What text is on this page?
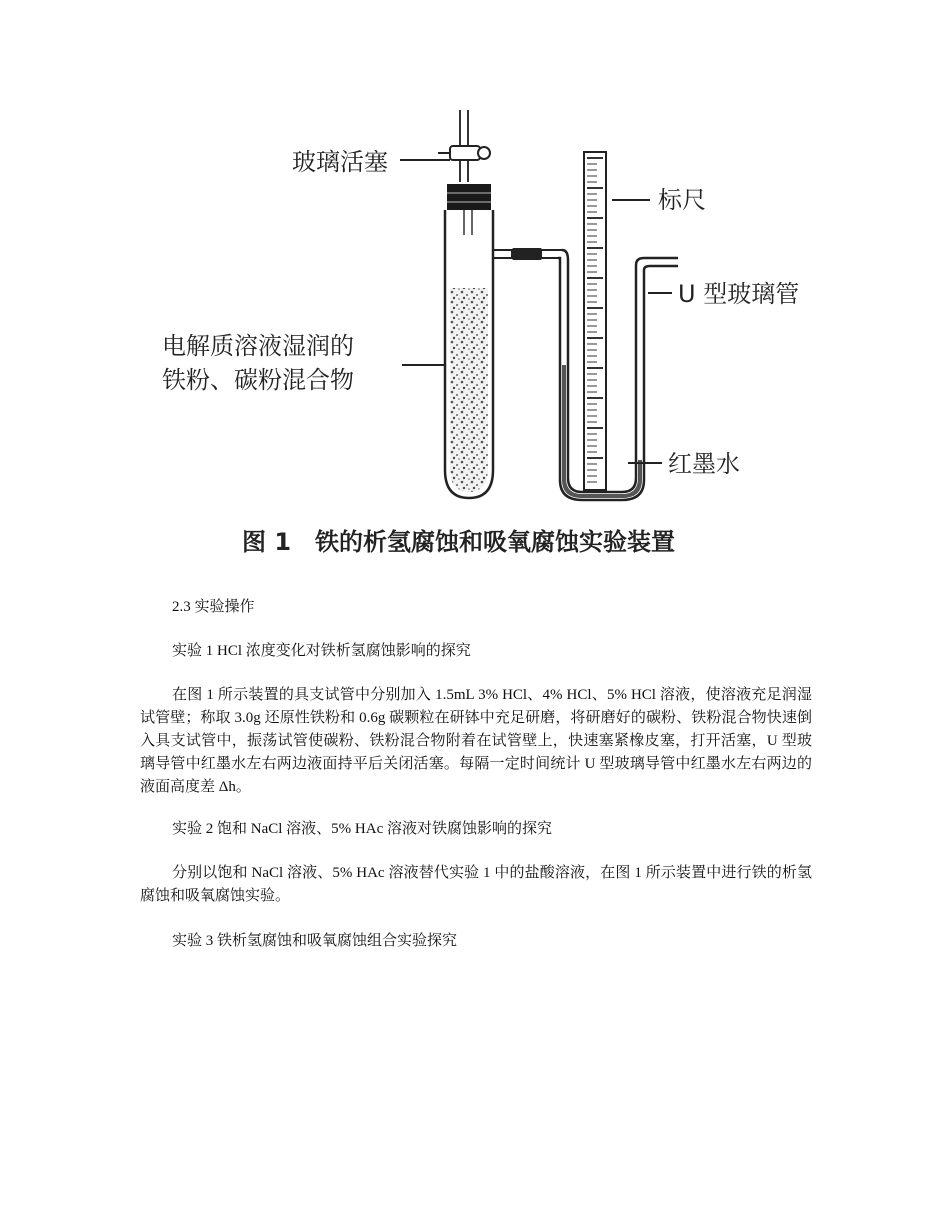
玻璃活塞
标尺
U 型玻璃管
电解质溶液湿润的
铁粉、碳粉混合物
红墨水
图 1　铁的析氢腐蚀和吸氧腐蚀实验装置

2.3 实验操作

实验 1 HCl 浓度变化对铁析氢腐蚀影响的探究

在图 1 所示装置的具支试管中分别加入 1.5mL 3% HCl、4% HCl、5% HCl 溶液，使溶液充足润湿试管壁；称取 3.0g 还原性铁粉和 0.6g 碳颗粒在研钵中充足研磨，将研磨好的碳粉、铁粉混合物快速倒入具支试管中，振荡试管使碳粉、铁粉混合物附着在试管壁上，快速塞紧橡皮塞，打开活塞，U 型玻璃导管中红墨水左右两边液面持平后关闭活塞。每隔一定时间统计 U 型玻璃导管中红墨水左右两边的液面高度差 Δh。

实验 2 饱和 NaCl 溶液、5% HAc 溶液对铁腐蚀影响的探究

分别以饱和 NaCl 溶液、5% HAc 溶液替代实验 1 中的盐酸溶液，在图 1 所示装置中进行铁的析氢腐蚀和吸氧腐蚀实验。

实验 3 铁析氢腐蚀和吸氧腐蚀组合实验探究
